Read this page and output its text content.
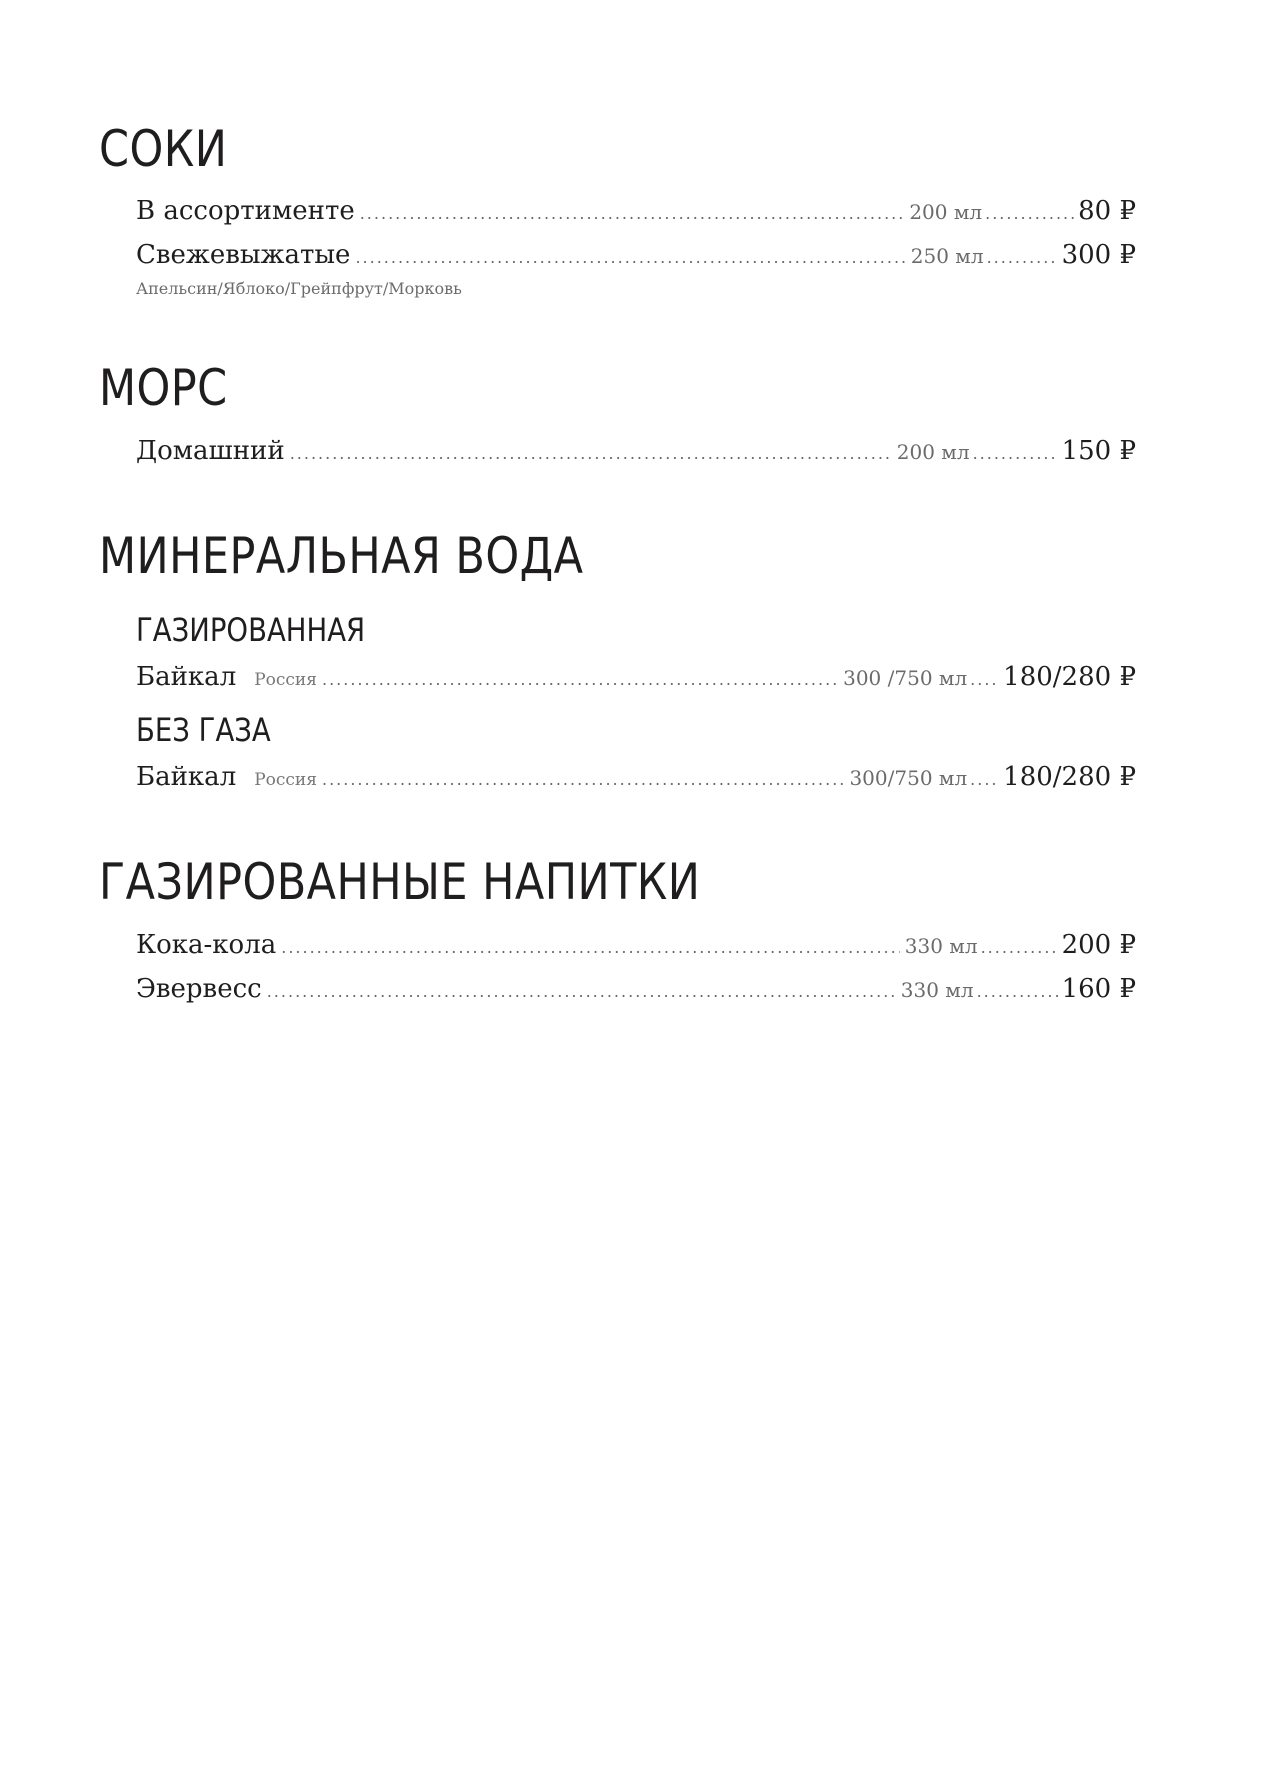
СОКИ
В ассортименте .....	200 мл .....	80 ₽
Свежевыжатые .....	250 мл .....	300 ₽
Апельсин/Яблоко/Грейпфрут/Морковь
МОРС
Домашний .....	200 мл .....	150 ₽
МИНЕРАЛЬНАЯ ВОДА
ГАЗИРОВАННАЯ
Байкал Россия .....	300 /750 мл ..... 180/280 ₽
БЕЗ ГАЗА
Байкал Россия .....	300/750 мл ..... 180/280 ₽
ГАЗИРОВАННЫЕ НАПИТКИ
Кока-кола .....	330 мл .....	200 ₽
Эвервесс .....	330 мл .....	160 ₽
